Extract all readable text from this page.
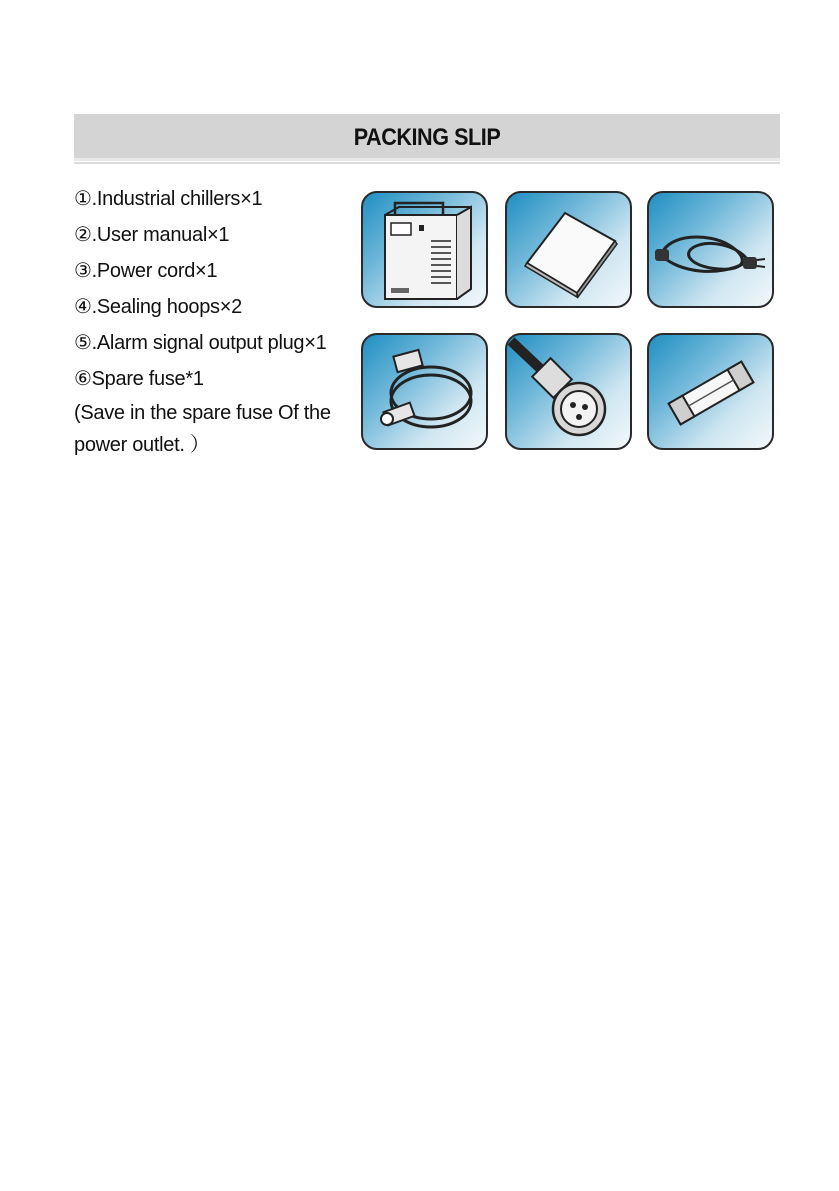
PACKING SLIP
①.Industrial chillers×1
②.User manual×1
③.Power cord×1
④.Sealing hoops×2
⑤.Alarm signal output plug×1
⑥Spare fuse*1
(Save in the spare fuse Of the
power outlet. ）
